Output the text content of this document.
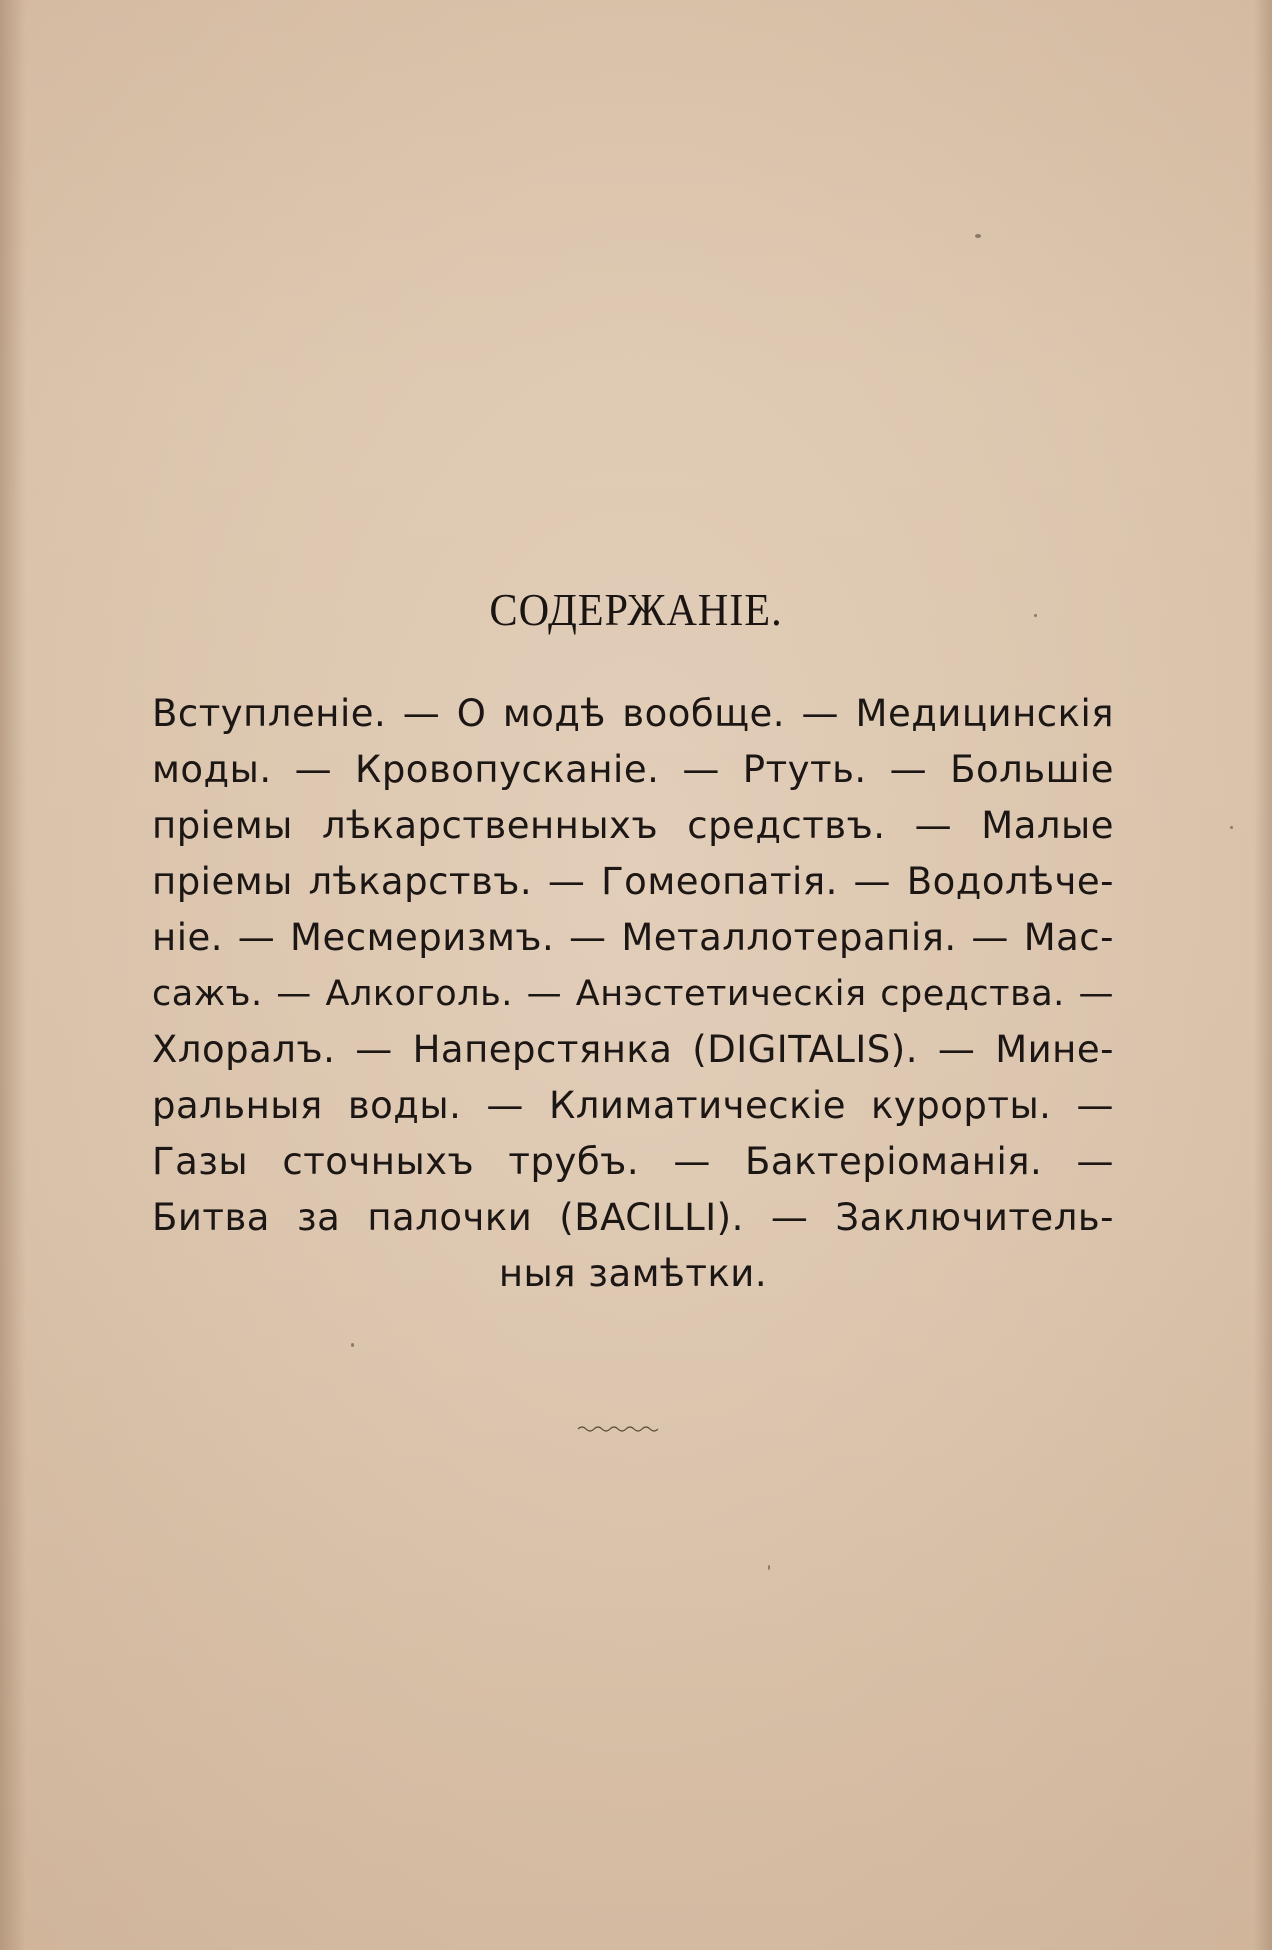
СОДЕРЖАНІЕ.
Вступленіе. — О модѣ вообще. — Медицинскія
моды. — Кровопусканіе. — Ртуть. — Большіе
пріемы лѣкарственныхъ средствъ. — Малые
пріемы лѣкарствъ. — Гомеопатія. — Водолѣче-
ніе. — Месмеризмъ. — Металлотерапія. — Мас-
сажъ. — Алкоголь. — Анэстетическія средства. —
Хлоралъ. — Наперстянка (DIGITALIS). — Мине-
ральныя воды. — Климатическіе курорты. —
Газы сточныхъ трубъ. — Бактеріоманія. —
Битва за палочки (BACILLI). — Заключитель-
ныя замѣтки.
